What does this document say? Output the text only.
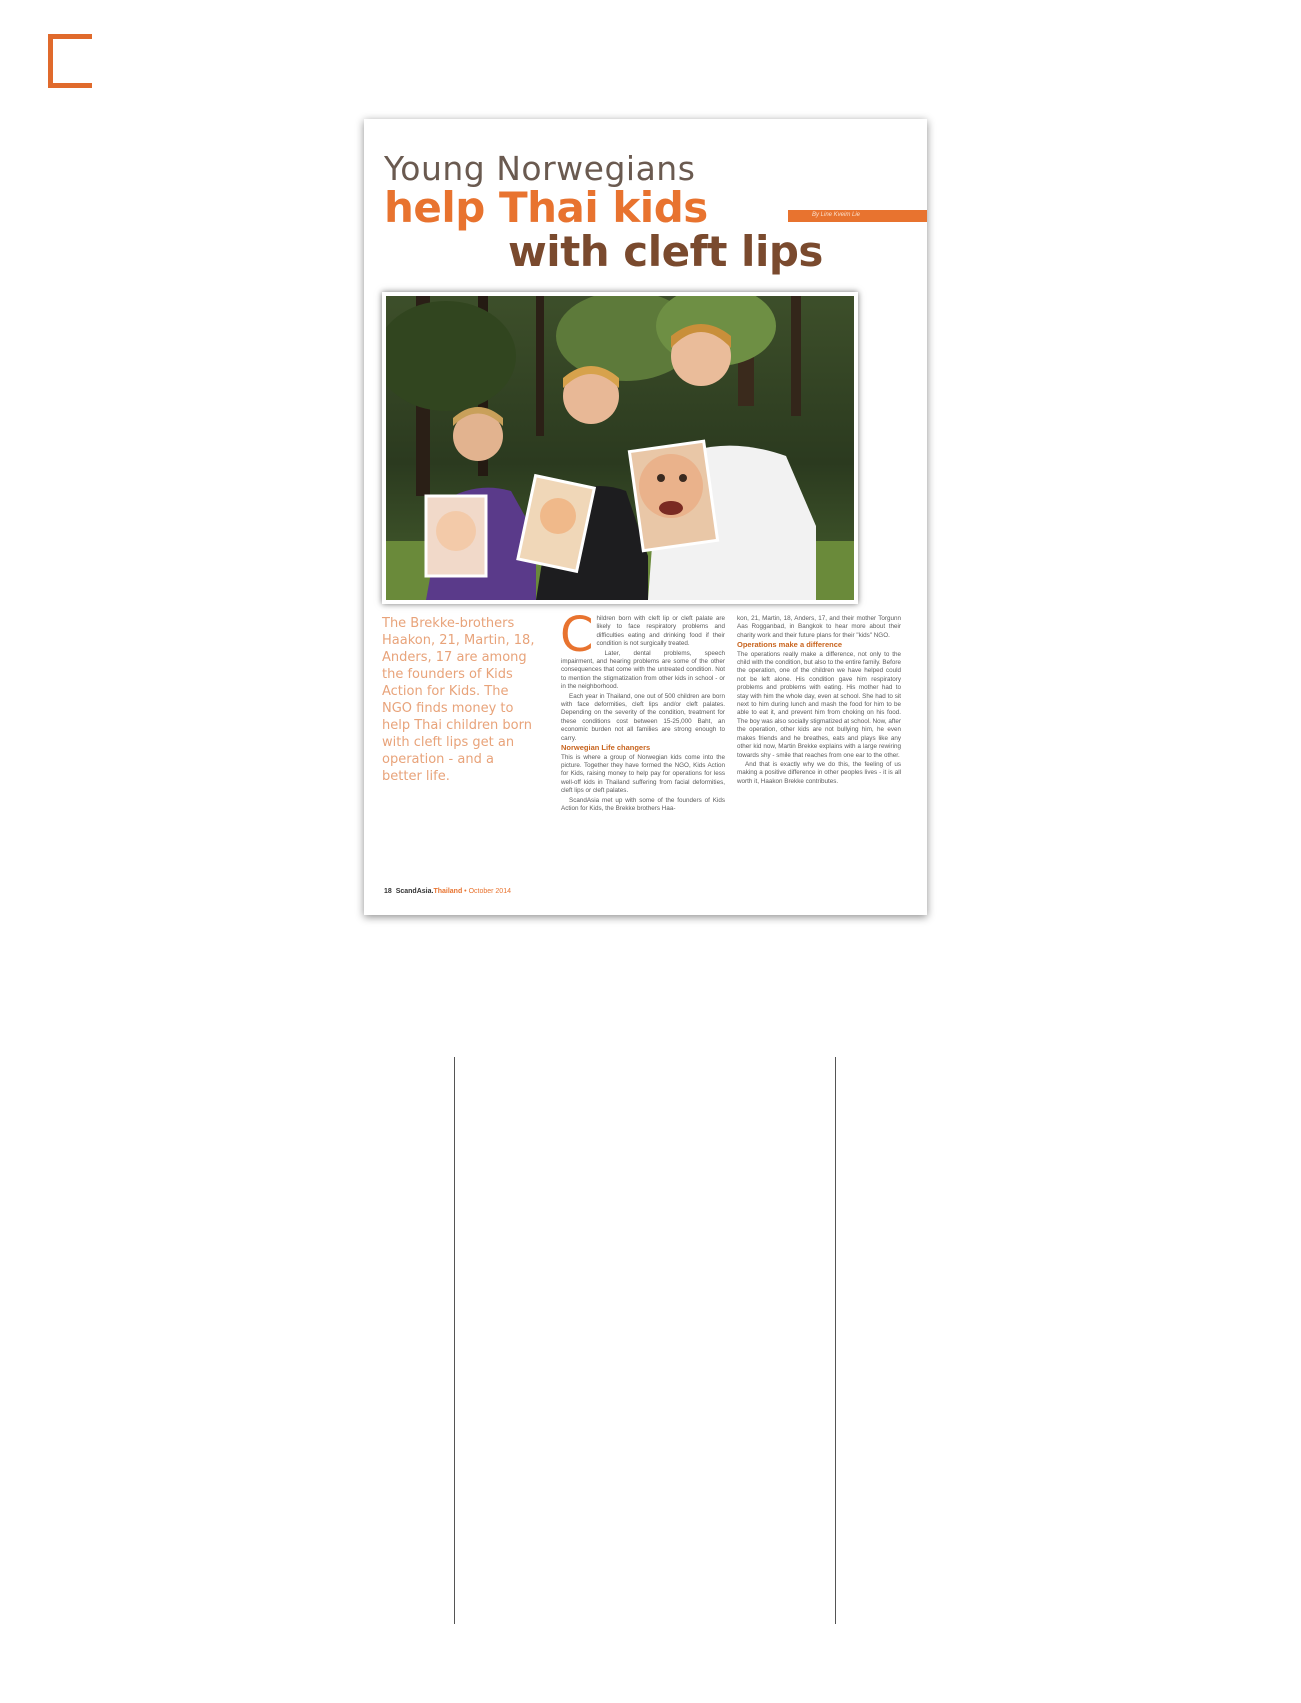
Young Norwegians
help Thai kids	By Line Kveim Lie
with cleft lips
The Brekke-brothers Haakon, 21, Martin, 18, Anders, 17 are among the founders of Kids Action for Kids. The NGO finds money to help Thai children born with cleft lips get an operation - and a better life.

Children born with cleft lip or cleft palate are likely to face respiratory problems and difficulties eating and drinking food if their condition is not surgically treated.

Later, dental problems, speech impairment, and hearing problems are some of the other consequences that come with the untreated condition. Not to mention the stigmatization from other kids in school - or in the neighborhood.

Each year in Thailand, one out of 500 children are born with face deformities, cleft lips and/or cleft palates. Depending on the severity of the condition, treatment for these conditions cost between 15-25,000 Baht, an economic burden not all families are strong enough to carry.

Norwegian Life changers

This is where a group of Norwegian kids come into the picture. Together they have formed the NGO, Kids Action for Kids, raising money to help pay for operations for less well-off kids in Thailand suffering from facial deformities, cleft lips or cleft palates.

ScandAsia met up with some of the founders of Kids Action for Kids, the Brekke brothers Haa-

kon, 21, Martin, 18, Anders, 17, and their mother Torgunn Aas Rogganbad, in Bangkok to hear more about their charity work and their future plans for their "kids" NGO.

Operations make a difference

The operations really make a difference, not only to the child with the condition, but also to the entire family. Before the operation, one of the children we have helped could not be left alone. His condition gave him respiratory problems and problems with eating. His mother had to stay with him the whole day, even at school. She had to sit next to him during lunch and mash the food for him to be able to eat it, and prevent him from choking on his food. The boy was also socially stigmatized at school. Now, after the operation, other kids are not bullying him, he even makes friends and he breathes, eats and plays like any other kid now, Martin Brekke explains with a large rewiring towards shy - smile that reaches from one ear to the other.

And that is exactly why we do this, the feeling of us making a positive difference in other peoples lives - it is all worth it, Haakon Brekke contributes.

18 ScandAsia.Thailand • October 2014
